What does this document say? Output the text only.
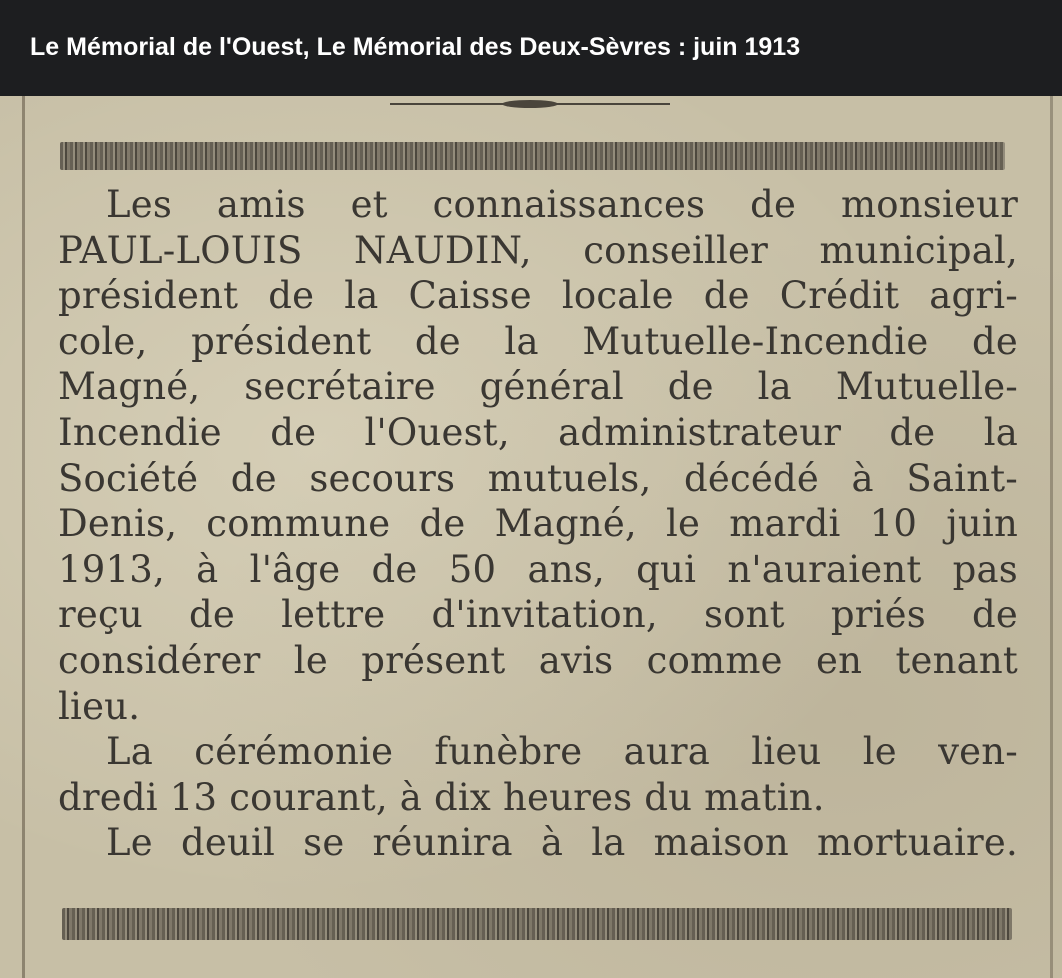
Le Mémorial de l'Ouest, Le Mémorial des Deux-Sèvres : juin 1913
Les amis et connaissances de monsieur
PAUL-LOUIS NAUDIN, conseiller municipal,
président de la Caisse locale de Crédit agri-
cole, président de la Mutuelle-Incendie de
Magné, secrétaire général de la Mutuelle-
Incendie de l'Ouest, administrateur de la
Société de secours mutuels, décédé à Saint-
Denis, commune de Magné, le mardi 10 juin
1913, à l'âge de 50 ans, qui n'auraient pas
reçu de lettre d'invitation, sont priés de
considérer le présent avis comme en tenant
lieu.
La cérémonie funèbre aura lieu le ven-
dredi 13 courant, à dix heures du matin.
Le deuil se réunira à la maison mortuaire.
